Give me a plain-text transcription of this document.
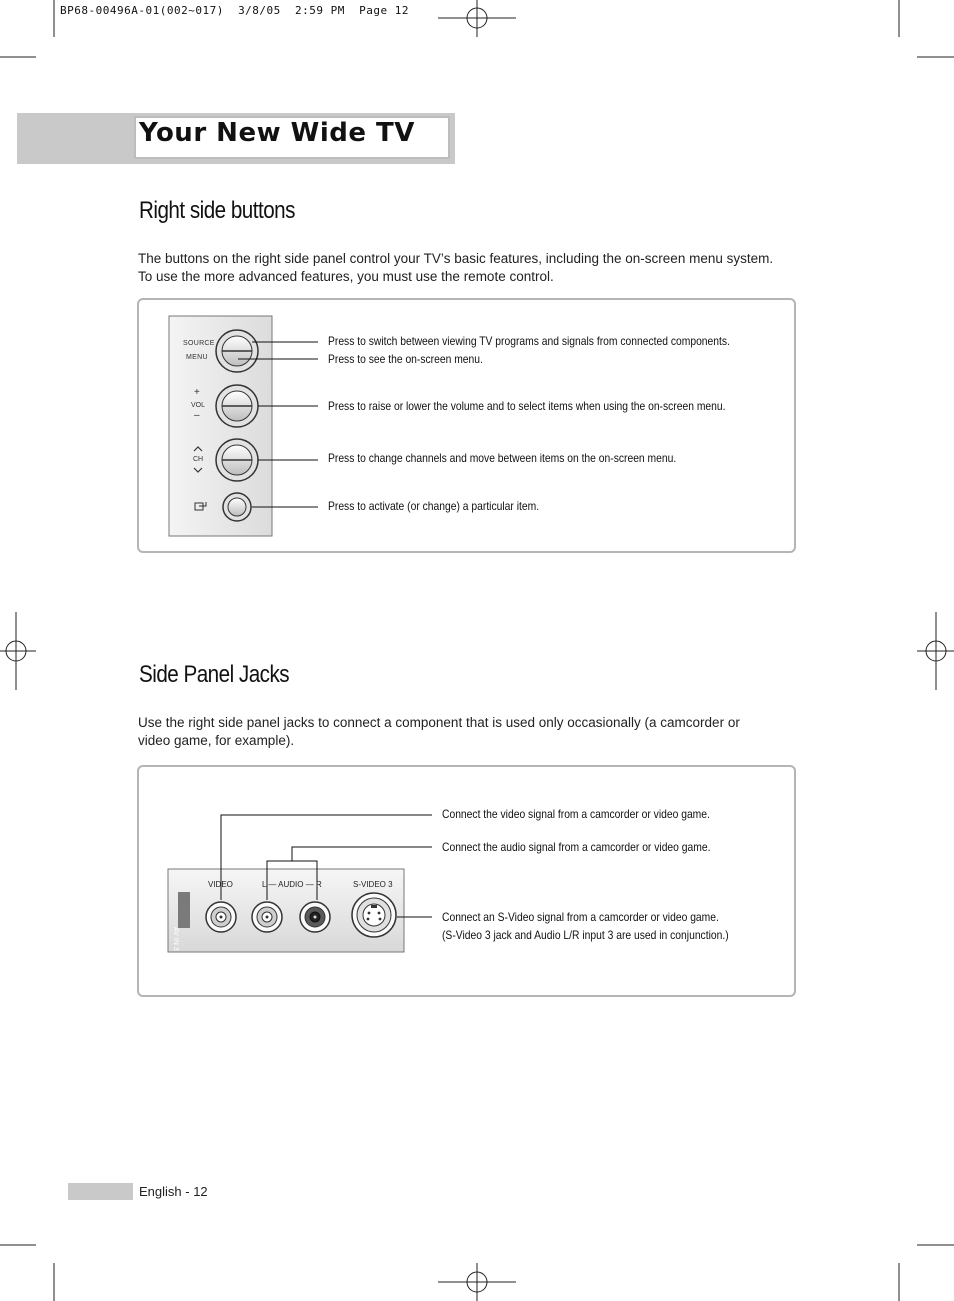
BP68-00496A-01(002~017)  3/8/05  2:59 PM  Page 12
Your New Wide TV
Right side buttons
The buttons on the right side panel control your TV’s basic features, including the on-screen menu system.
To use the more advanced features, you must use the remote control.
SOURCE
MENU
+
VOL
–
CH
Press to switch between viewing TV programs and signals from connected components.
Press to see the on-screen menu.
Press to raise or lower the volume and to select items when using the on-screen menu.
Press to change channels and move between items on the on-screen menu.
Press to activate (or change) a particular item.
Side Panel Jacks
Use the right side panel jacks to connect a component that is used only occasionally (a camcorder or
video game, for example).
VIDEO	L — AUDIO — R	S-VIDEO 3
AV IN 3
Connect the video signal from a camcorder or video game.
Connect the audio signal from a camcorder or video game.
Connect an S-Video signal from a camcorder or video game.
(S-Video 3 jack and Audio L/R input 3 are used in conjunction.)
English - 12
